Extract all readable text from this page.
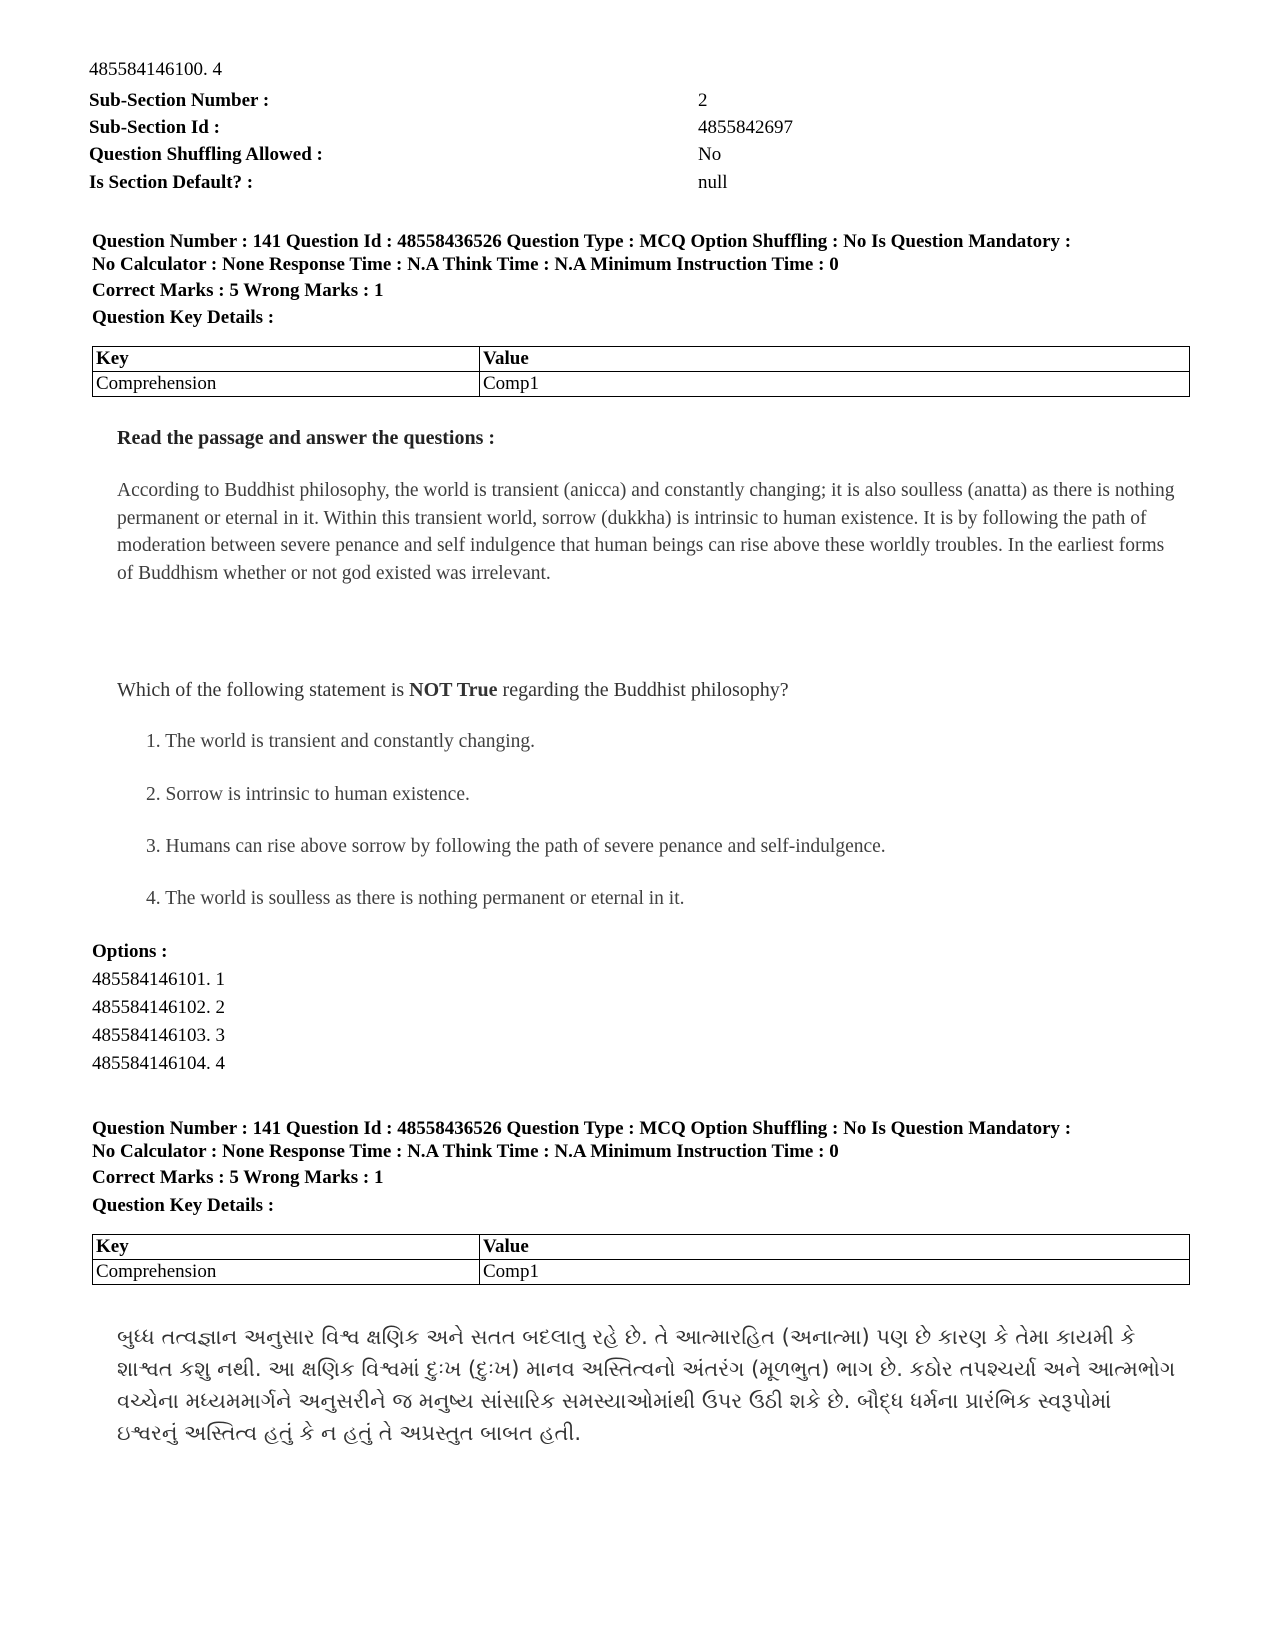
485584146100. 4
Sub-Section Number :	2
Sub-Section Id :	4855842697
Question Shuffling Allowed :	No
Is Section Default? :	null
Question Number : 141 Question Id : 48558436526 Question Type : MCQ Option Shuffling : No Is Question Mandatory :
No Calculator : None Response Time : N.A Think Time : N.A Minimum Instruction Time : 0
Correct Marks : 5 Wrong Marks : 1
Question Key Details :
Key	Value
Comprehension	Comp1
Read the passage and answer the questions :
According to Buddhist philosophy, the world is transient (anicca) and constantly changing; it is also soulless (anatta) as there is nothing permanent or eternal in it. Within this transient world, sorrow (dukkha) is intrinsic to human existence. It is by following the path of moderation between severe penance and self indulgence that human beings can rise above these worldly troubles. In the earliest forms of Buddhism whether or not god existed was irrelevant.
Which of the following statement is NOT True regarding the Buddhist philosophy?
1. The world is transient and constantly changing.
2. Sorrow is intrinsic to human existence.
3. Humans can rise above sorrow by following the path of severe penance and self-indulgence.
4. The world is soulless as there is nothing permanent or eternal in it.
Options :
485584146101. 1
485584146102. 2
485584146103. 3
485584146104. 4
Question Number : 141 Question Id : 48558436526 Question Type : MCQ Option Shuffling : No Is Question Mandatory :
No Calculator : None Response Time : N.A Think Time : N.A Minimum Instruction Time : 0
Correct Marks : 5 Wrong Marks : 1
Question Key Details :
Key	Value
Comprehension	Comp1
બુધ્ધ તત્વજ્ઞાન અનુસાર વિશ્વ ક્ષણિક અને સતત બદલાતુ રહે છે. તે આત્મારહિત (અનાત્મા) પણ છે કારણ કે તેમા કાયમી કે શાશ્વત કશુ નથી. આ ક્ષણિક વિશ્વમાં દુઃખ (દુઃખ) માનવ અસ્તિત્વનો અંતરંગ (મૂળભુત) ભાગ છે. કઠોર તપશ્ચર્યા અને આત્મભોગ વચ્ચેના મધ્યમમાર્ગને અનુસરીને જ મનુષ્ય સાંસારિક સમસ્યાઓમાંથી ઉપર ઉઠી શકે છે. બૌદ્ધ ધર્મના પ્રારંભિક સ્વરૂપોમાં ઇશ્વરનું અસ્તિત્વ હતું કે ન હતું તે અપ્રસ્તુત બાબત હતી.
